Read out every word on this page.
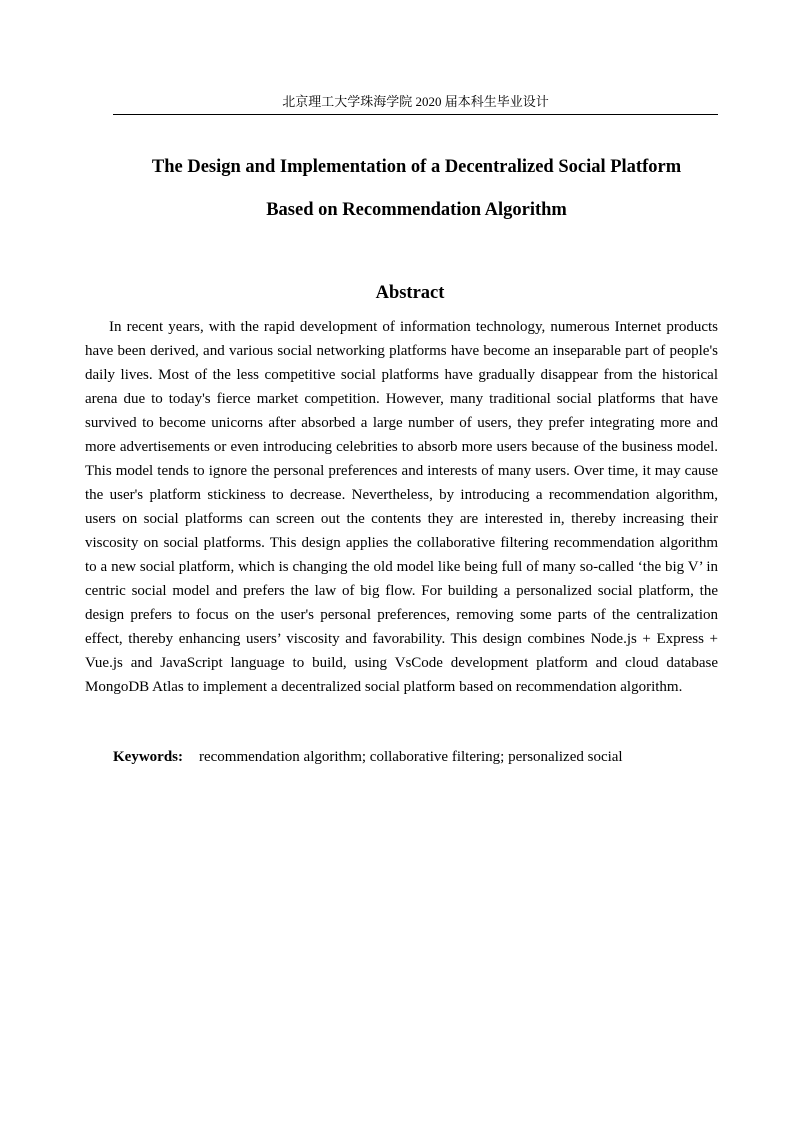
北京理工大学珠海学院 2020 届本科生毕业设计
The Design and Implementation of a Decentralized Social Platform
Based on Recommendation Algorithm
Abstract

In recent years, with the rapid development of information technology, numerous Internet products have been derived, and various social networking platforms have become an inseparable part of people's daily lives. Most of the less competitive social platforms have gradually disappear from the historical arena due to today's fierce market competition. However, many traditional social platforms that have survived to become unicorns after absorbed a large number of users, they prefer integrating more and more advertisements or even introducing celebrities to absorb more users because of the business model. This model tends to ignore the personal preferences and interests of many users. Over time, it may cause the user's platform stickiness to decrease. Nevertheless, by introducing a recommendation algorithm, users on social platforms can screen out the contents they are interested in, thereby increasing their viscosity on social platforms. This design applies the collaborative filtering recommendation algorithm to a new social platform, which is changing the old model like being full of many so-called ‘the big V’ in centric social model and prefers the law of big flow. For building a personalized social platform, the design prefers to focus on the user's personal preferences, removing some parts of the centralization effect, thereby enhancing users’ viscosity and favorability. This design combines Node.js + Express + Vue.js and JavaScript language to build, using VsCode development platform and cloud database MongoDB Atlas to implement a decentralized social platform based on recommendation algorithm.

Keywords: recommendation algorithm; collaborative filtering; personalized social
